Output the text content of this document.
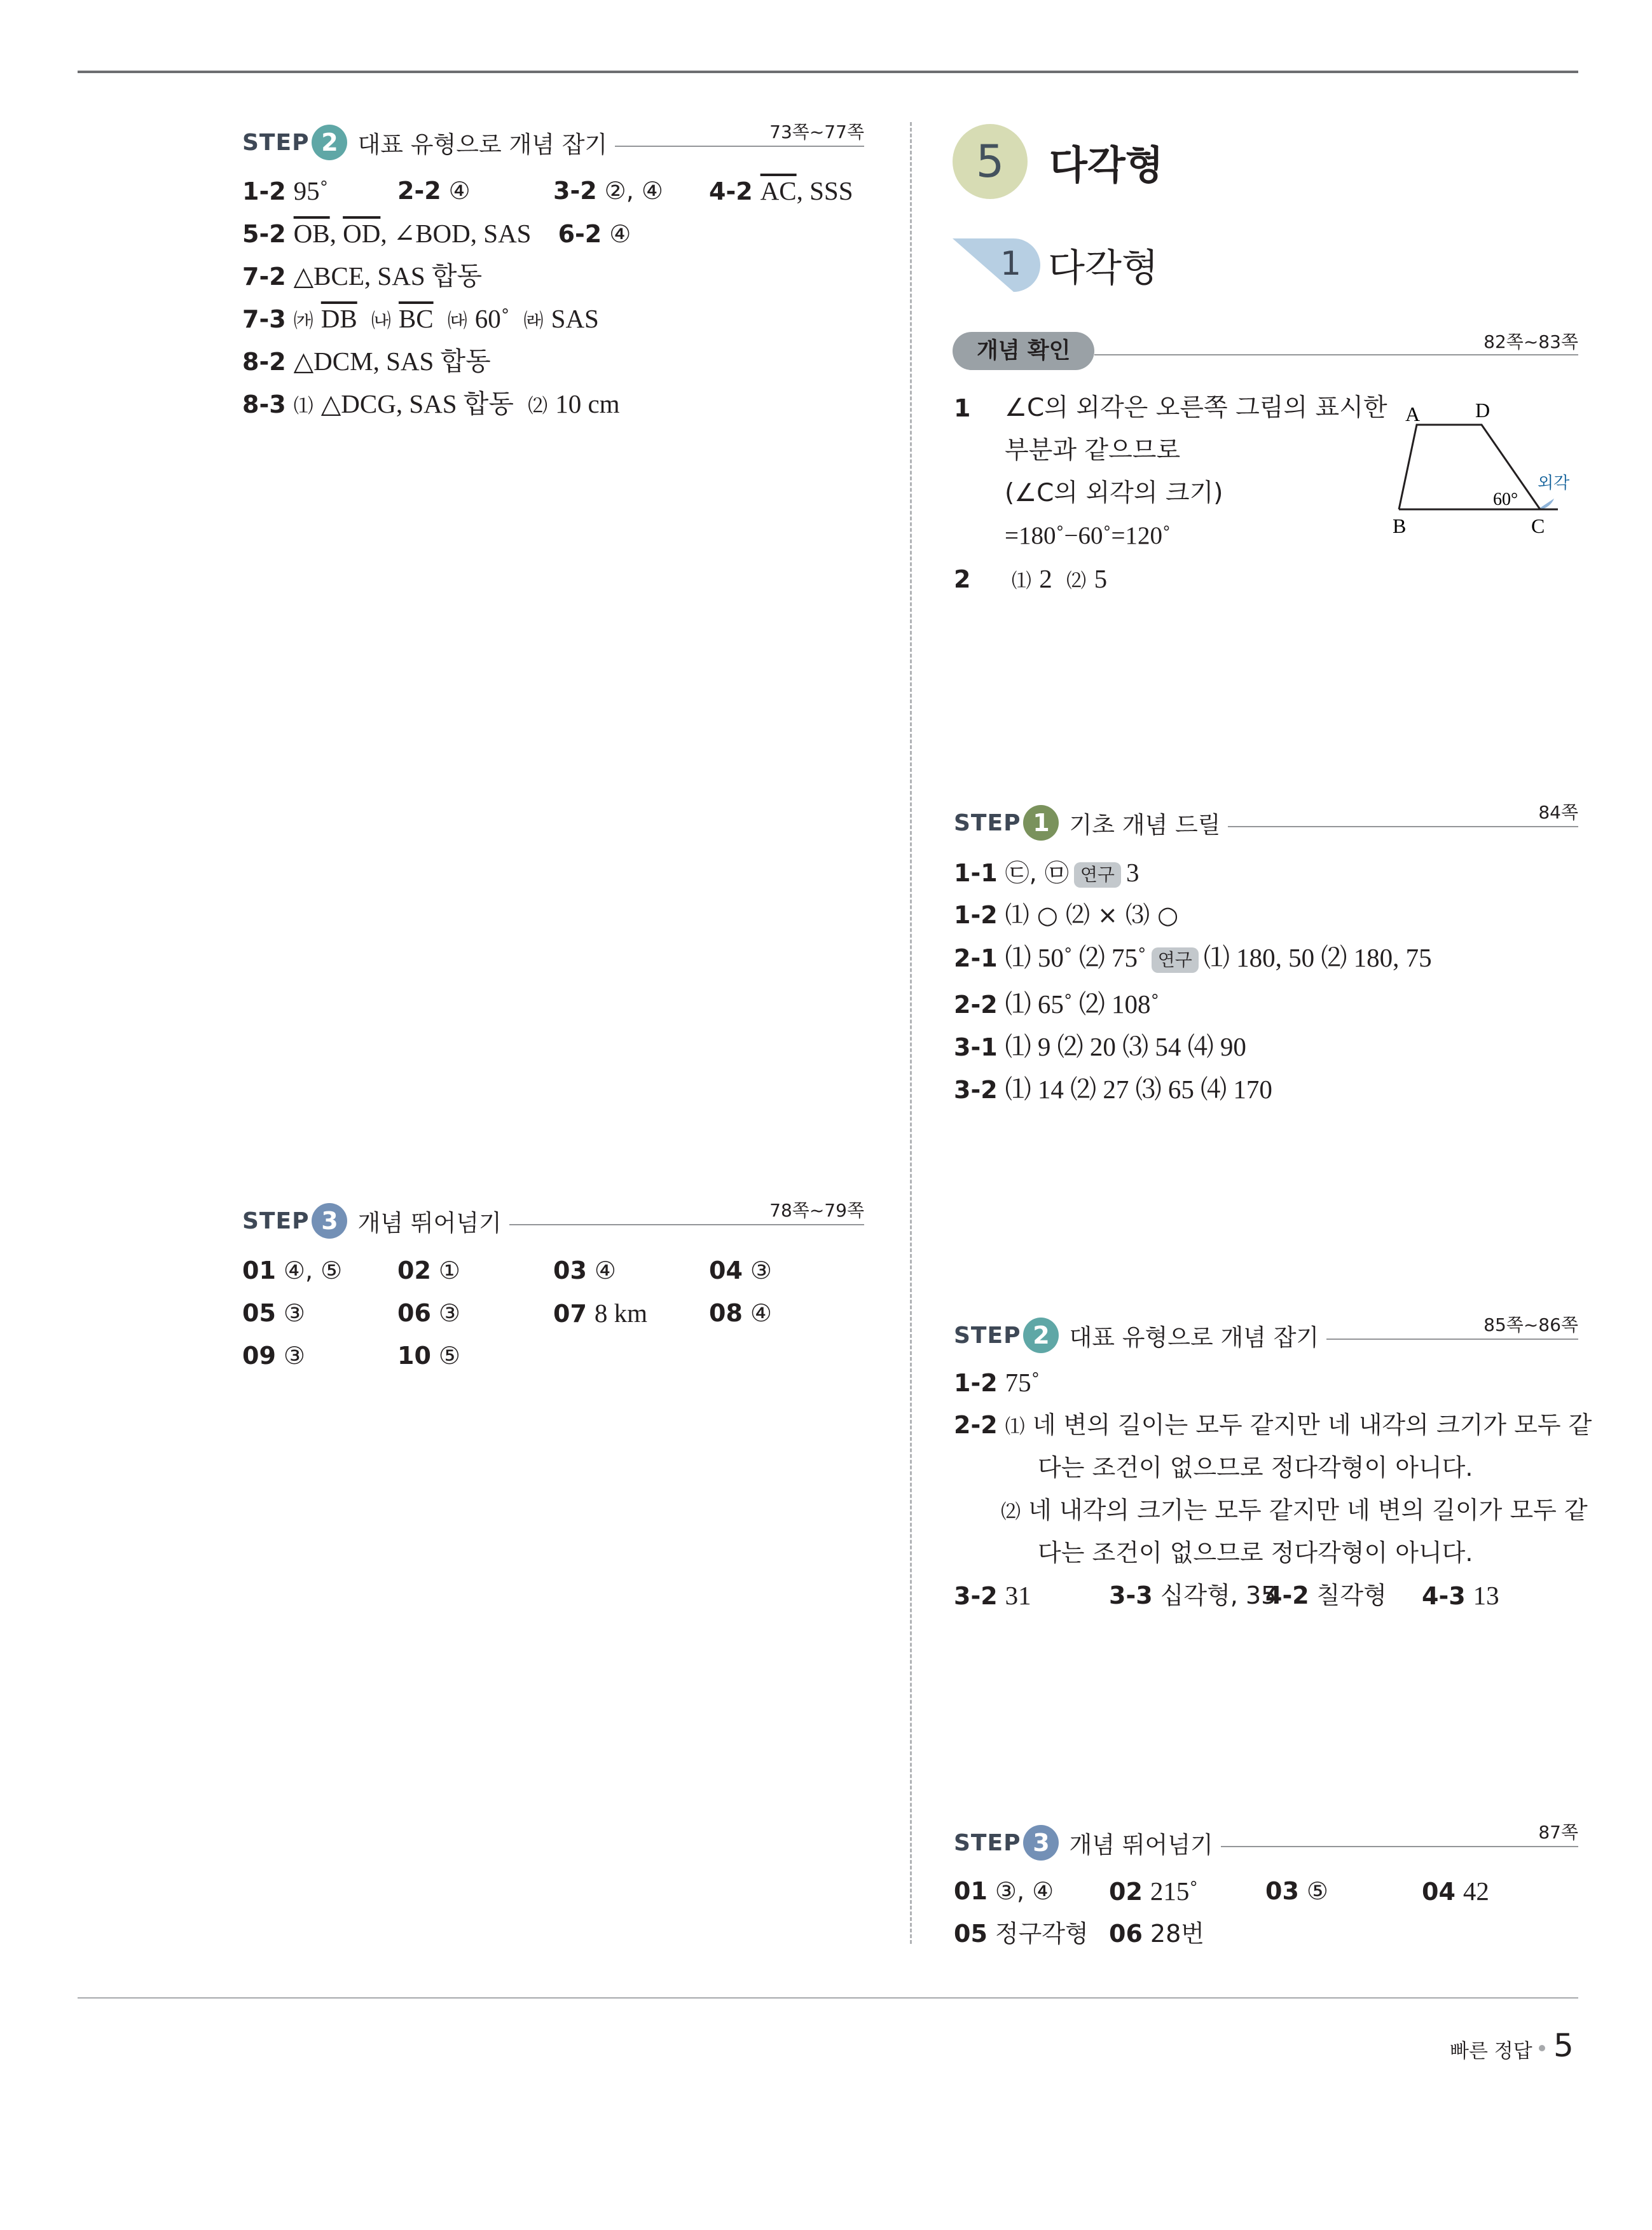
STEP 2 대표 유형으로 개념 잡기	73쪽~77쪽
1-2 95˚	2-2 ④	3-2 ②, ④ 4-2 $\overline{AC}$, SSS
5-2 $\overline{OB}$, $\overline{OD}$, ∠BOD, SAS 6-2 ④
7-2 △BCE, SAS 합동
7-3 ㈎ $\overline{DB}$ ㈏ $\overline{BC}$ ㈐ 60˚ ㈑ SAS
8-2 △DCM, SAS 합동
8-3 ⑴ △DCG, SAS 합동 ⑵ 10 cm
STEP 3 개념 뛰어넘기	78쪽~79쪽
01 ④, ⑤ 02 ①	03 ④	04 ③
05 ③	06 ③	07 8 km	08 ④
09 ③	10 ⑤
5	다각형
1 다각형
개념 확인	82쪽~83쪽
1	∠C의 외각은 오른쪽 그림의 표시한
부분과 같으므로
(∠C의 외각의 크기)
=180˚−60˚=120˚
2 ⑴ 2 ⑵ 5
A	D
B	C
60°
외각
STEP 1 기초 개념 드릴	84쪽
1-1 ㉢, ㉤ 연구 3
1-2 ⑴ ○ ⑵ × ⑶ ○
2-1 ⑴ 50˚ ⑵ 75˚ 연구 ⑴ 180, 50 ⑵ 180, 75
2-2 ⑴ 65˚ ⑵ 108˚
3-1 ⑴ 9 ⑵ 20 ⑶ 54 ⑷ 90
3-2 ⑴ 14 ⑵ 27 ⑶ 65 ⑷ 170
STEP 2 대표 유형으로 개념 잡기	85쪽~86쪽
1-2 75˚
2-2 ⑴ 네 변의 길이는 모두 같지만 네 내각의 크기가 모두 같
다는 조건이 없으므로 정다각형이 아니다.
⑵ 네 내각의 크기는 모두 같지만 네 변의 길이가 모두 같
다는 조건이 없으므로 정다각형이 아니다.
3-2 31	3-3 십각형, 35
4-2 칠각형 4-3 13
STEP 3 개념 뛰어넘기	87쪽
01 ③, ④ 02 215˚	03 ⑤	04 42
05 정구각형 06 28번
빠른 정답 5
